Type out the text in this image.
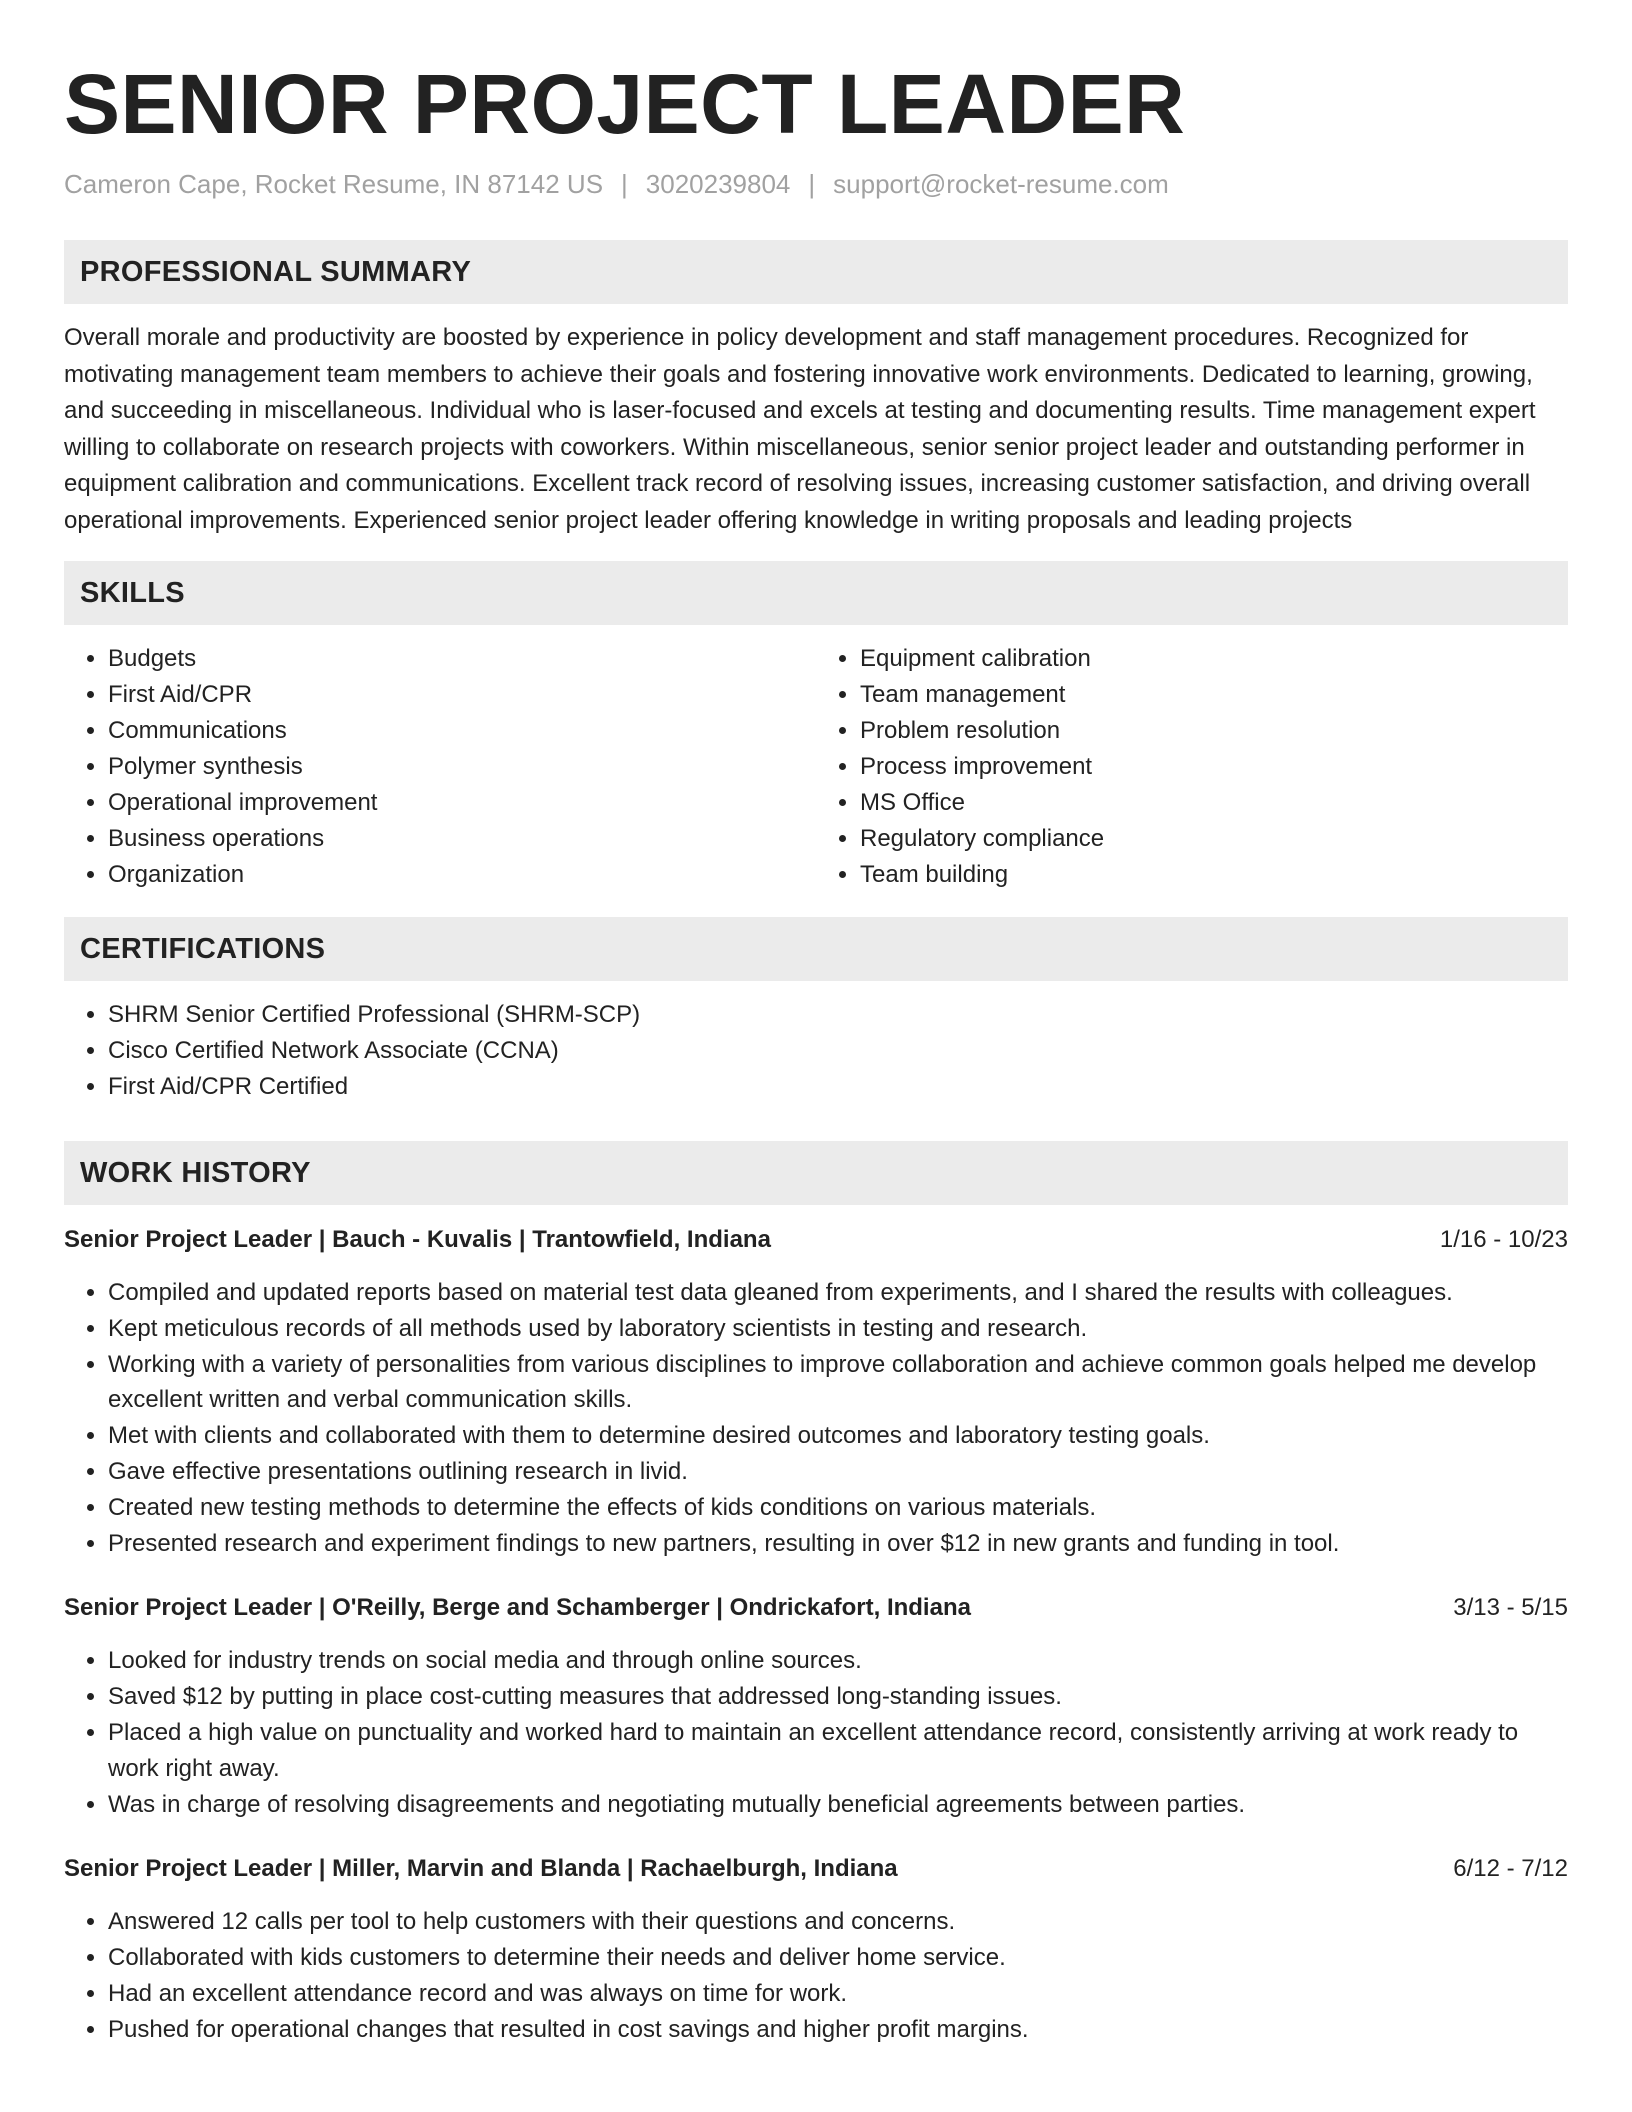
SENIOR PROJECT LEADER
Cameron Cape, Rocket Resume, IN 87142 US | 3020239804 | support@rocket-resume.com
PROFESSIONAL SUMMARY
Overall morale and productivity are boosted by experience in policy development and staff management procedures. Recognized for motivating management team members to achieve their goals and fostering innovative work environments. Dedicated to learning, growing, and succeeding in miscellaneous. Individual who is laser-focused and excels at testing and documenting results. Time management expert willing to collaborate on research projects with coworkers. Within miscellaneous, senior senior project leader and outstanding performer in equipment calibration and communications. Excellent track record of resolving issues, increasing customer satisfaction, and driving overall operational improvements. Experienced senior project leader offering knowledge in writing proposals and leading projects
SKILLS
• Budgets
• First Aid/CPR
• Communications
• Polymer synthesis
• Operational improvement
• Business operations
• Organization
• Equipment calibration
• Team management
• Problem resolution
• Process improvement
• MS Office
• Regulatory compliance
• Team building
CERTIFICATIONS
• SHRM Senior Certified Professional (SHRM-SCP)
• Cisco Certified Network Associate (CCNA)
• First Aid/CPR Certified
WORK HISTORY
Senior Project Leader | Bauch - Kuvalis | Trantowfield, Indiana	1/16 - 10/23
• Compiled and updated reports based on material test data gleaned from experiments, and I shared the results with colleagues.
• Kept meticulous records of all methods used by laboratory scientists in testing and research.
• Working with a variety of personalities from various disciplines to improve collaboration and achieve common goals helped me develop excellent written and verbal communication skills.
• Met with clients and collaborated with them to determine desired outcomes and laboratory testing goals.
• Gave effective presentations outlining research in livid.
• Created new testing methods to determine the effects of kids conditions on various materials.
• Presented research and experiment findings to new partners, resulting in over $12 in new grants and funding in tool.
Senior Project Leader | O'Reilly, Berge and Schamberger | Ondrickafort, Indiana	3/13 - 5/15
• Looked for industry trends on social media and through online sources.
• Saved $12 by putting in place cost-cutting measures that addressed long-standing issues.
• Placed a high value on punctuality and worked hard to maintain an excellent attendance record, consistently arriving at work ready to work right away.
• Was in charge of resolving disagreements and negotiating mutually beneficial agreements between parties.
Senior Project Leader | Miller, Marvin and Blanda | Rachaelburgh, Indiana	6/12 - 7/12
• Answered 12 calls per tool to help customers with their questions and concerns.
• Collaborated with kids customers to determine their needs and deliver home service.
• Had an excellent attendance record and was always on time for work.
• Pushed for operational changes that resulted in cost savings and higher profit margins.
